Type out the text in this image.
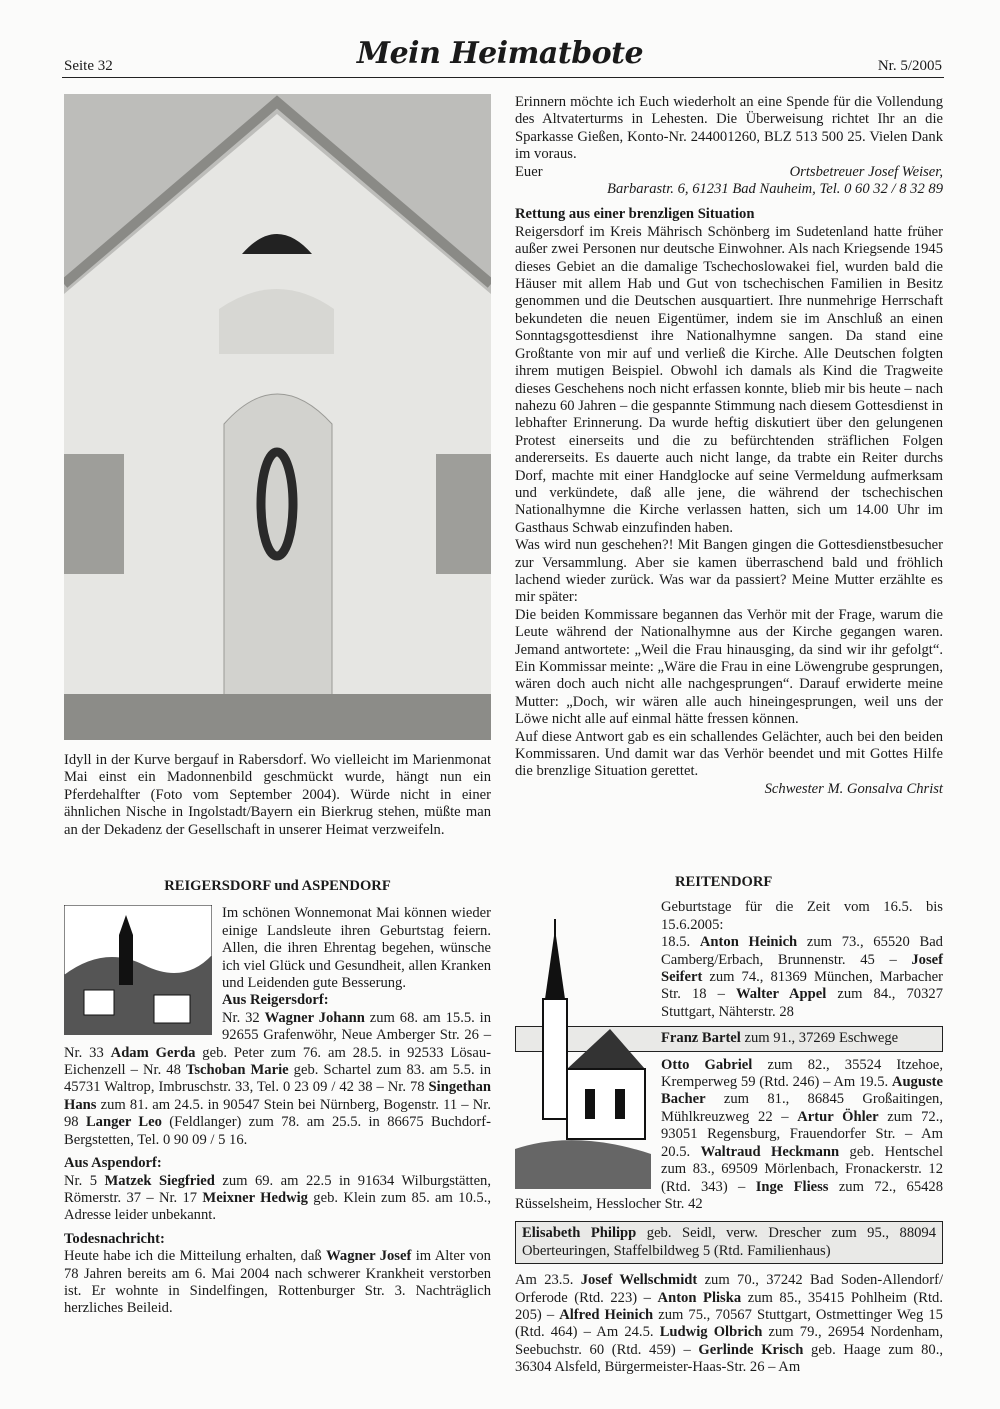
Seite 32	Mein Heimatbote	Nr. 5/2005

Idyll in der Kurve bergauf in Rabersdorf. Wo vielleicht im Marienmonat Mai einst ein Madonnenbild geschmückt wurde, hängt nun ein Pferdehalfter (Foto vom September 2004). Würde nicht in einer ähnlichen Nische in Ingolstadt/Bayern ein Bierkrug stehen, müßte man an der Dekadenz der Gesellschaft in unserer Heimat verzweifeln.

REIGERSDORF und ASPENDORF

Im schönen Wonnemonat Mai können wieder einige Landsleute ihren Geburtstag feiern. Allen, die ihren Ehrentag begehen, wünsche ich viel Glück und Gesundheit, allen Kranken und Leidenden gute Besserung.

Aus Reigersdorf:

Nr. 32 Wagner Johann zum 68. am 15.5. in 92655 Grafenwöhr, Neue Amberger Str. 26 – Nr. 33 Adam Gerda geb. Peter zum 76. am 28.5. in 92533 Lösau-Eichenzell – Nr. 48 Tschoban Marie geb. Schartel zum 83. am 5.5. in 45731 Waltrop, Imbruschstr. 33, Tel. 0 23 09 / 42 38 – Nr. 78 Singethan Hans zum 81. am 24.5. in 90547 Stein bei Nürnberg, Bogenstr. 11 – Nr. 98 Langer Leo (Feldlanger) zum 78. am 25.5. in 86675 Buchdorf-Bergstetten, Tel. 0 90 09 / 5 16.

Aus Aspendorf:

Nr. 5 Matzek Siegfried zum 69. am 22.5 in 91634 Wilburgstätten, Römerstr. 37 – Nr. 17 Meixner Hedwig geb. Klein zum 85. am 10.5., Adresse leider unbekannt.

Todesnachricht:

Heute habe ich die Mitteilung erhalten, daß Wagner Josef im Alter von 78 Jahren bereits am 6. Mai 2004 nach schwerer Krankheit verstorben ist. Er wohnte in Sindelfingen, Rottenburger Str. 3. Nachträglich herzliches Beileid.

Erinnern möchte ich Euch wiederholt an eine Spende für die Vollendung des Altvaterturms in Lehesten. Die Überweisung richtet Ihr an die Sparkasse Gießen, Konto-Nr. 244001260, BLZ 513 500 25. Vielen Dank im voraus.

Euer	Ortsbetreuer Josef Weiser,

Barbarastr. 6, 61231 Bad Nauheim, Tel. 0 60 32 / 8 32 89

Rettung aus einer brenzligen Situation

Reigersdorf im Kreis Mährisch Schönberg im Sudetenland hatte früher außer zwei Personen nur deutsche Einwohner. Als nach Kriegsende 1945 dieses Gebiet an die damalige Tschechoslowakei fiel, wurden bald die Häuser mit allem Hab und Gut von tschechischen Familien in Besitz genommen und die Deutschen ausquartiert. Ihre nunmehrige Herrschaft bekundeten die neuen Eigentümer, indem sie im Anschluß an einen Sonntagsgottesdienst ihre Nationalhymne sangen. Da stand eine Großtante von mir auf und verließ die Kirche. Alle Deutschen folgten ihrem mutigen Beispiel. Obwohl ich damals als Kind die Tragweite dieses Geschehens noch nicht erfassen konnte, blieb mir bis heute – nach nahezu 60 Jahren – die gespannte Stimmung nach diesem Gottesdienst in lebhafter Erinnerung. Da wurde heftig diskutiert über den gelungenen Protest einerseits und die zu befürchtenden sträflichen Folgen andererseits. Es dauerte auch nicht lange, da trabte ein Reiter durchs Dorf, machte mit einer Handglocke auf seine Vermeldung aufmerksam und verkündete, daß alle jene, die während der tschechischen Nationalhymne die Kirche verlassen hatten, sich um 14.00 Uhr im Gasthaus Schwab einzufinden haben.

Was wird nun geschehen?! Mit Bangen gingen die Gottesdienstbesucher zur Versammlung. Aber sie kamen überraschend bald und fröhlich lachend wieder zurück. Was war da passiert? Meine Mutter erzählte es mir später:

Die beiden Kommissare begannen das Verhör mit der Frage, warum die Leute während der Nationalhymne aus der Kirche gegangen waren. Jemand antwortete: „Weil die Frau hinausging, da sind wir ihr gefolgt“. Ein Kommissar meinte: „Wäre die Frau in eine Löwengrube gesprungen, wären doch auch nicht alle nachgesprungen“. Darauf erwiderte meine Mutter: „Doch, wir wären alle auch hineingesprungen, weil uns der Löwe nicht alle auf einmal hätte fressen können.

Auf diese Antwort gab es ein schallendes Gelächter, auch bei den beiden Kommissaren. Und damit war das Verhör beendet und mit Gottes Hilfe die brenzlige Situation gerettet.

Schwester M. Gonsalva Christ

REITENDORF

Geburtstage für die Zeit vom 16.5. bis 15.6.2005:

18.5. Anton Heinich zum 73., 65520 Bad Camberg/Erbach, Brunnenstr. 45 – Josef Seifert zum 74., 81369 München, Marbacher Str. 18 – Walter Appel zum 84., 70327 Stuttgart, Nähterstr. 28

Franz Bartel zum 91., 37269 Eschwege

Otto Gabriel zum 82., 35524 Itzehoe, Kremperweg 59 (Rtd. 246) – Am 19.5. Auguste Bacher zum 81., 86845 Großaitingen, Mühlkreuzweg 22 – Artur Öhler zum 72., 93051 Regensburg, Frauendorfer Str. – Am 20.5. Waltraud Heckmann geb. Hentschel zum 83., 69509 Mörlenbach, Fronackerstr. 12 (Rtd. 343) – Inge Fliess zum 72., 65428 Rüsselsheim, Hesslocher Str. 42

Elisabeth Philipp geb. Seidl, verw. Drescher zum 95., 88094 Oberteuringen, Staffelbildweg 5 (Rtd. Familienhaus)

Am 23.5. Josef Wellschmidt zum 70., 37242 Bad Soden-Allendorf/ Orferode (Rtd. 223) – Anton Pliska zum 85., 35415 Pohlheim (Rtd. 205) – Alfred Heinich zum 75., 70567 Stuttgart, Ostmettinger Weg 15 (Rtd. 464) – Am 24.5. Ludwig Olbrich zum 79., 26954 Nordenham, Seebuchstr. 60 (Rtd. 459) – Gerlinde Krisch geb. Haage zum 80., 36304 Alsfeld, Bürgermeister-Haas-Str. 26 – Am
